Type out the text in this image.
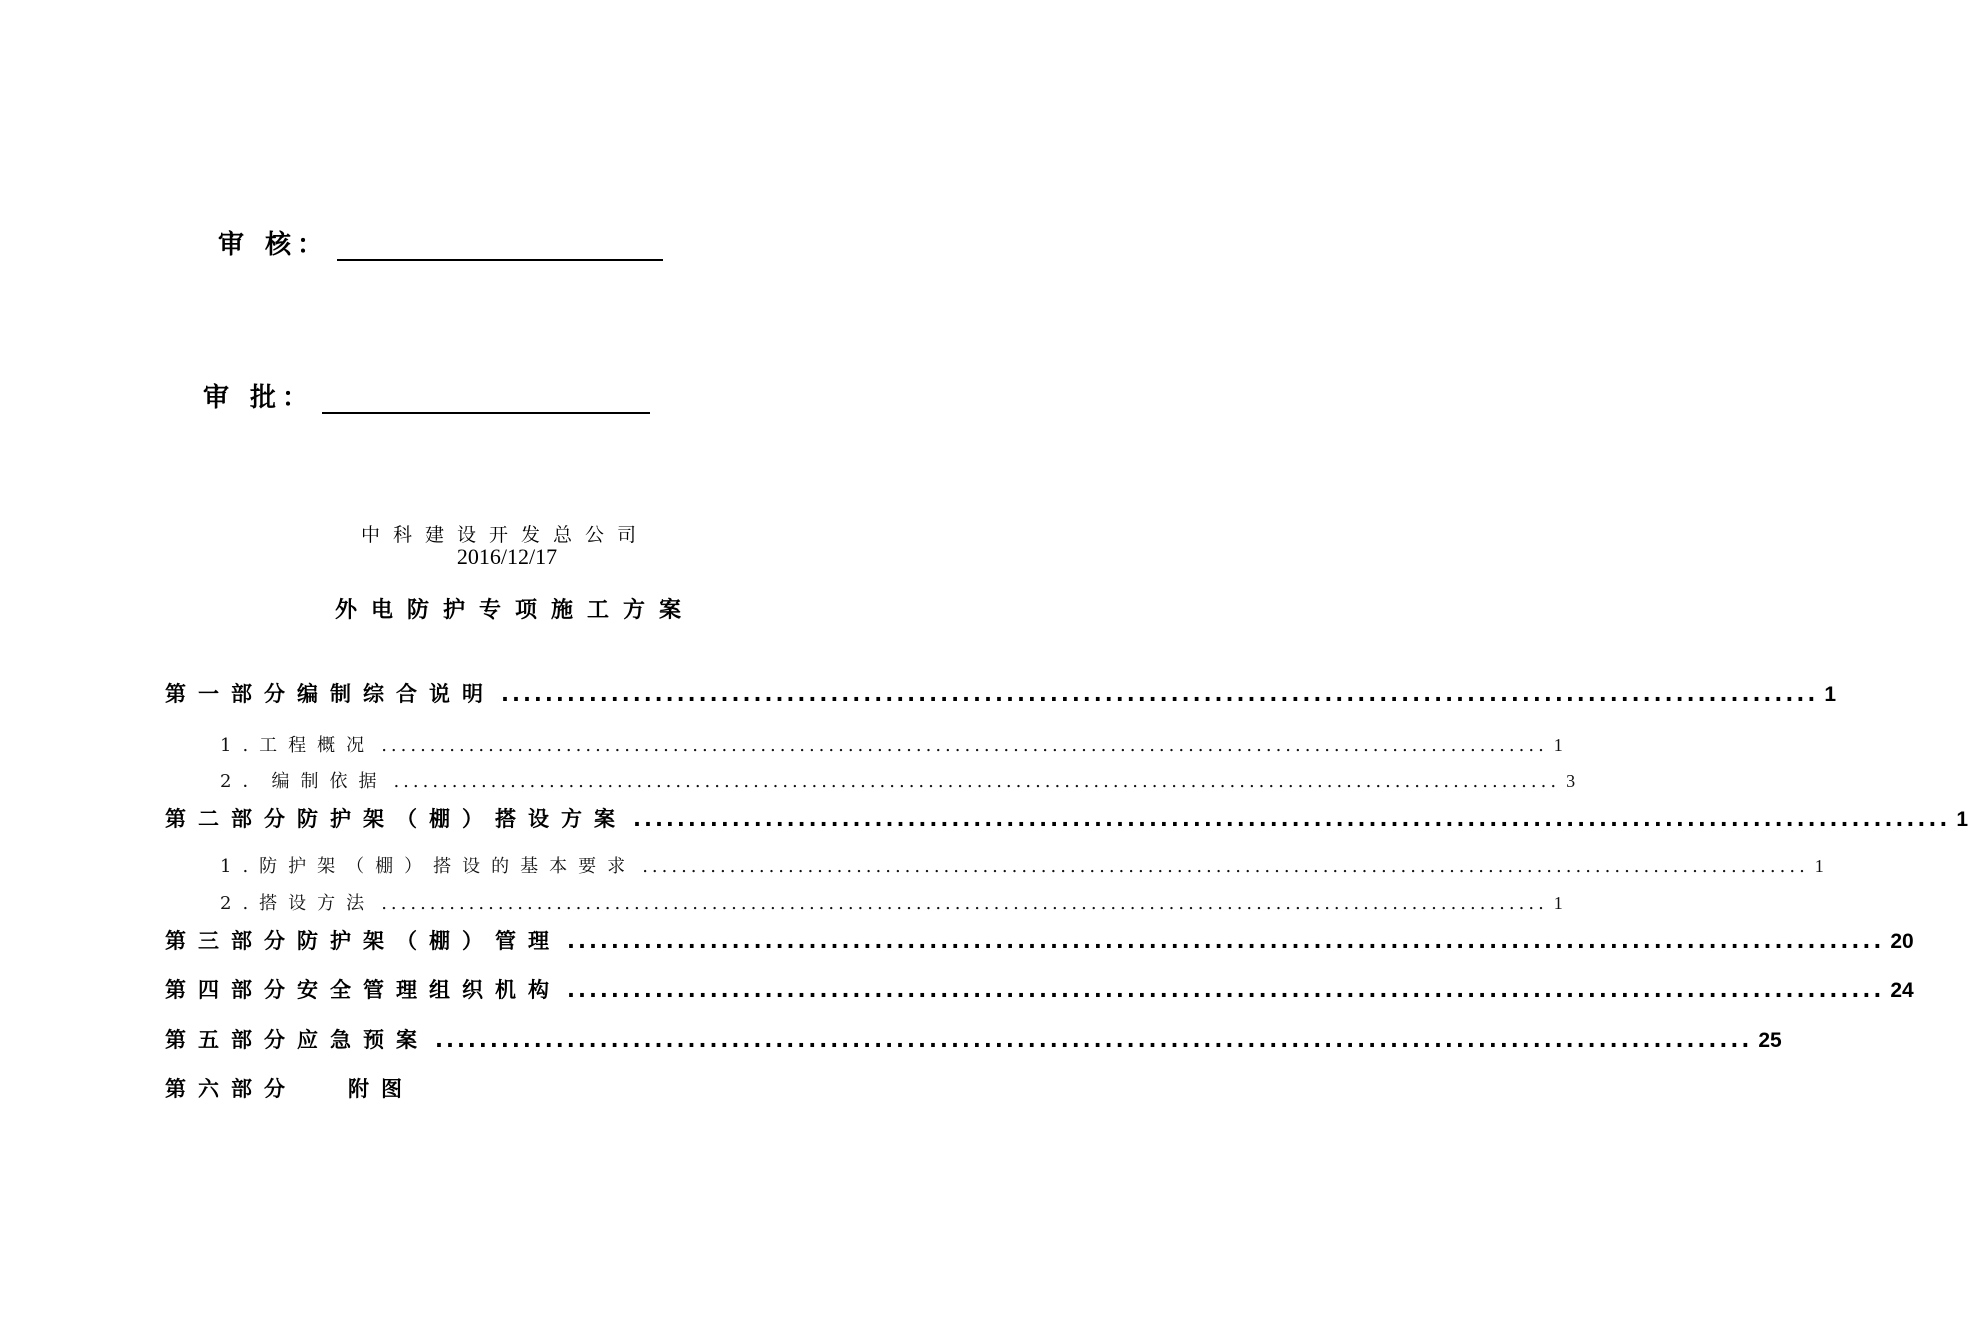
审 核：
审 批：
中科建设开发总公司
2016/12/17
外电防护专项施工方案
第一部分 编制综合说明 ........................................................................................................................ 1
1.工程概况 ........................................................................................................................ 1
2．编制依据 ........................................................................................................................ 3
第二部分 防护架（棚）搭设方案 ........................................................................................................................ 1
1.防护架（棚）搭设的基本要求 ........................................................................................................................ 1
2.搭设方法 ........................................................................................................................ 1
第三部分 防护架（棚）管理 ........................................................................................................................ 20
第四部分 安全管理组织机构 ........................................................................................................................ 24
第五部分 应急预案 ........................................................................................................................ 25
第六部分	附图
